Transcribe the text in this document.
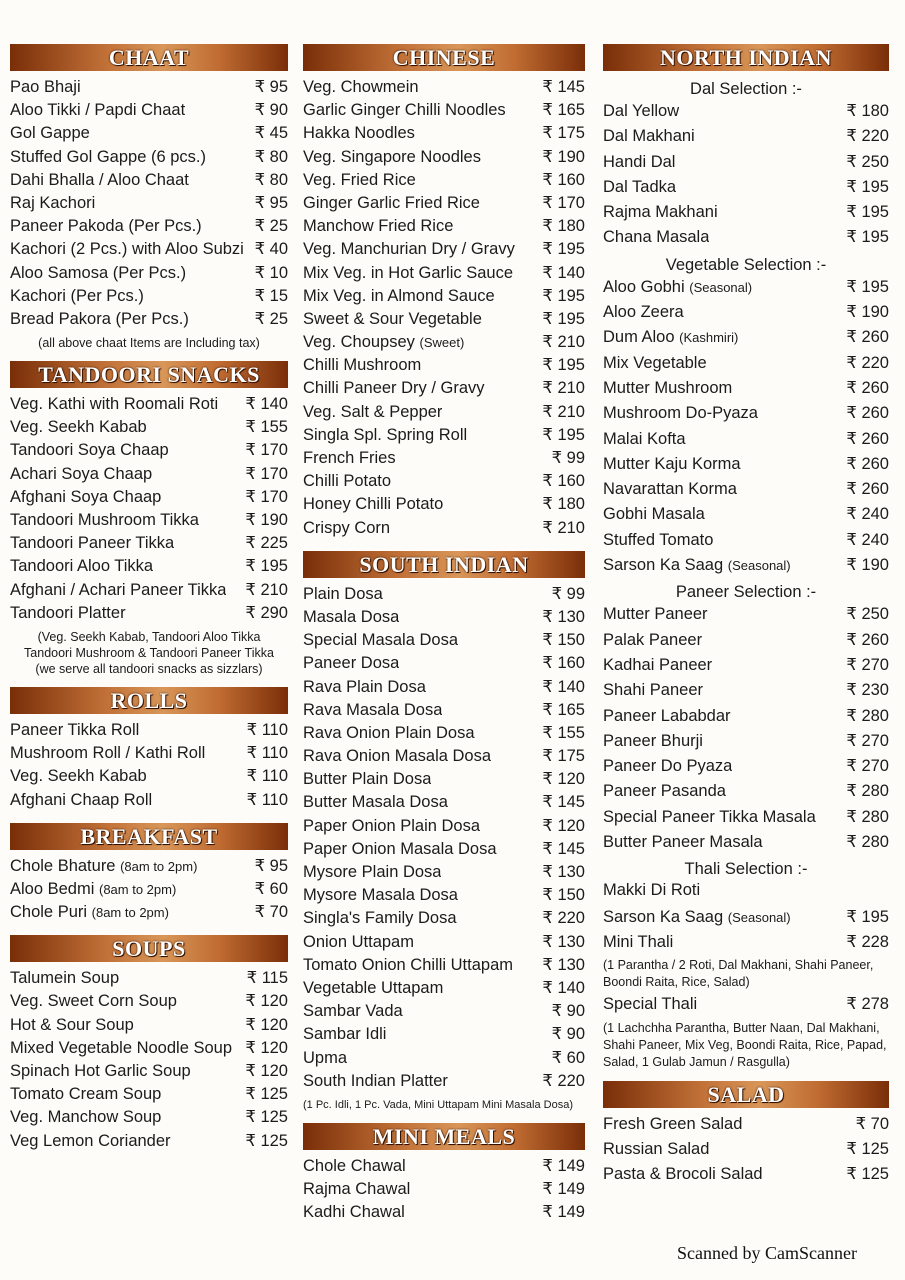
CHAAT
Pao Bhaji	₹ 95
Aloo Tikki / Papdi Chaat	₹ 90
Gol Gappe	₹ 45
Stuffed Gol Gappe (6 pcs.)	₹ 80
Dahi Bhalla / Aloo Chaat	₹ 80
Raj Kachori	₹ 95
Paneer Pakoda (Per Pcs.)	₹ 25
Kachori (2 Pcs.) with Aloo Subzi ₹ 40
Aloo Samosa (Per Pcs.)	₹ 10
Kachori (Per Pcs.)	₹ 15
Bread Pakora (Per Pcs.)	₹ 25
(all above chaat Items are Including tax)
TANDOORI SNACKS
Veg. Kathi with Roomali Roti ₹ 140
Veg. Seekh Kabab	₹ 155
Tandoori Soya Chaap	₹ 170
Achari Soya Chaap	₹ 170
Afghani Soya Chaap	₹ 170
Tandoori Mushroom Tikka	₹ 190
Tandoori Paneer Tikka	₹ 225
Tandoori Aloo Tikka	₹ 195
Afghani / Achari Paneer Tikka ₹ 210
Tandoori Platter	₹ 290
(Veg. Seekh Kabab, Tandoori Aloo Tikka
Tandoori Mushroom & Tandoori Paneer Tikka
(we serve all tandoori snacks as sizzlars)
ROLLS
Paneer Tikka Roll	₹ 110
Mushroom Roll / Kathi Roll	₹ 110
Veg. Seekh Kabab	₹ 110
Afghani Chaap Roll	₹ 110
BREAKFAST
Chole Bhature (8am to 2pm)	₹ 95
Aloo Bedmi (8am to 2pm)	₹ 60
Chole Puri (8am to 2pm)	₹ 70
SOUPS
Talumein Soup	₹ 115
Veg. Sweet Corn Soup	₹ 120
Hot & Sour Soup	₹ 120
Mixed Vegetable Noodle Soup ₹ 120
Spinach Hot Garlic Soup	₹ 120
Tomato Cream Soup	₹ 125
Veg. Manchow Soup	₹ 125
Veg Lemon Coriander	₹ 125
CHINESE
Veg. Chowmein	₹ 145
Garlic Ginger Chilli Noodles ₹ 165
Hakka Noodles	₹ 175
Veg. Singapore Noodles	₹ 190
Veg. Fried Rice	₹ 160
Ginger Garlic Fried Rice	₹ 170
Manchow Fried Rice	₹ 180
Veg. Manchurian Dry / Gravy ₹ 195
Mix Veg. in Hot Garlic Sauce ₹ 140
Mix Veg. in Almond Sauce	₹ 195
Sweet & Sour Vegetable	₹ 195
Veg. Choupsey (Sweet)	₹ 210
Chilli Mushroom	₹ 195
Chilli Paneer Dry / Gravy	₹ 210
Veg. Salt & Pepper	₹ 210
Singla Spl. Spring Roll	₹ 195
French Fries	₹ 99
Chilli Potato	₹ 160
Honey Chilli Potato	₹ 180
Crispy Corn	₹ 210
SOUTH INDIAN
Plain Dosa	₹ 99
Masala Dosa	₹ 130
Special Masala Dosa	₹ 150
Paneer Dosa	₹ 160
Rava Plain Dosa	₹ 140
Rava Masala Dosa	₹ 165
Rava Onion Plain Dosa	₹ 155
Rava Onion Masala Dosa	₹ 175
Butter Plain Dosa	₹ 120
Butter Masala Dosa	₹ 145
Paper Onion Plain Dosa	₹ 120
Paper Onion Masala Dosa	₹ 145
Mysore Plain Dosa	₹ 130
Mysore Masala Dosa	₹ 150
Singla's Family Dosa	₹ 220
Onion Uttapam	₹ 130
Tomato Onion Chilli Uttapam ₹ 130
Vegetable Uttapam	₹ 140
Sambar Vada	₹ 90
Sambar Idli	₹ 90
Upma	₹ 60
South Indian Platter	₹ 220
(1 Pc. Idli, 1 Pc. Vada, Mini Uttapam Mini Masala Dosa)
MINI MEALS
Chole Chawal	₹ 149
Rajma Chawal	₹ 149
Kadhi Chawal	₹ 149
NORTH INDIAN
Dal Selection :-
Dal Yellow	₹ 180
Dal Makhani	₹ 220
Handi Dal	₹ 250
Dal Tadka	₹ 195
Rajma Makhani	₹ 195
Chana Masala	₹ 195
Vegetable Selection :-
Aloo Gobhi (Seasonal)	₹ 195
Aloo Zeera	₹ 190
Dum Aloo (Kashmiri)	₹ 260
Mix Vegetable	₹ 220
Mutter Mushroom	₹ 260
Mushroom Do-Pyaza	₹ 260
Malai Kofta	₹ 260
Mutter Kaju Korma	₹ 260
Navarattan Korma	₹ 260
Gobhi Masala	₹ 240
Stuffed Tomato	₹ 240
Sarson Ka Saag (Seasonal)	₹ 190
Paneer Selection :-
Mutter Paneer	₹ 250
Palak Paneer	₹ 260
Kadhai Paneer	₹ 270
Shahi Paneer	₹ 230
Paneer Lababdar	₹ 280
Paneer Bhurji	₹ 270
Paneer Do Pyaza	₹ 270
Paneer Pasanda	₹ 280
Special Paneer Tikka Masala ₹ 280
Butter Paneer Masala	₹ 280
Thali Selection :-
Makki Di Roti
Sarson Ka Saag (Seasonal)	₹ 195
Mini Thali	₹ 228
(1 Parantha / 2 Roti, Dal Makhani, Shahi Paneer, Boondi Raita, Rice, Salad)
Special Thali	₹ 278
(1 Lachchha Parantha, Butter Naan, Dal Makhani, Shahi Paneer, Mix Veg, Boondi Raita, Rice, Papad, Salad, 1 Gulab Jamun / Rasgulla)
SALAD
Fresh Green Salad	₹ 70
Russian Salad	₹ 125
Pasta & Brocoli Salad	₹ 125
Scanned by CamScanner
